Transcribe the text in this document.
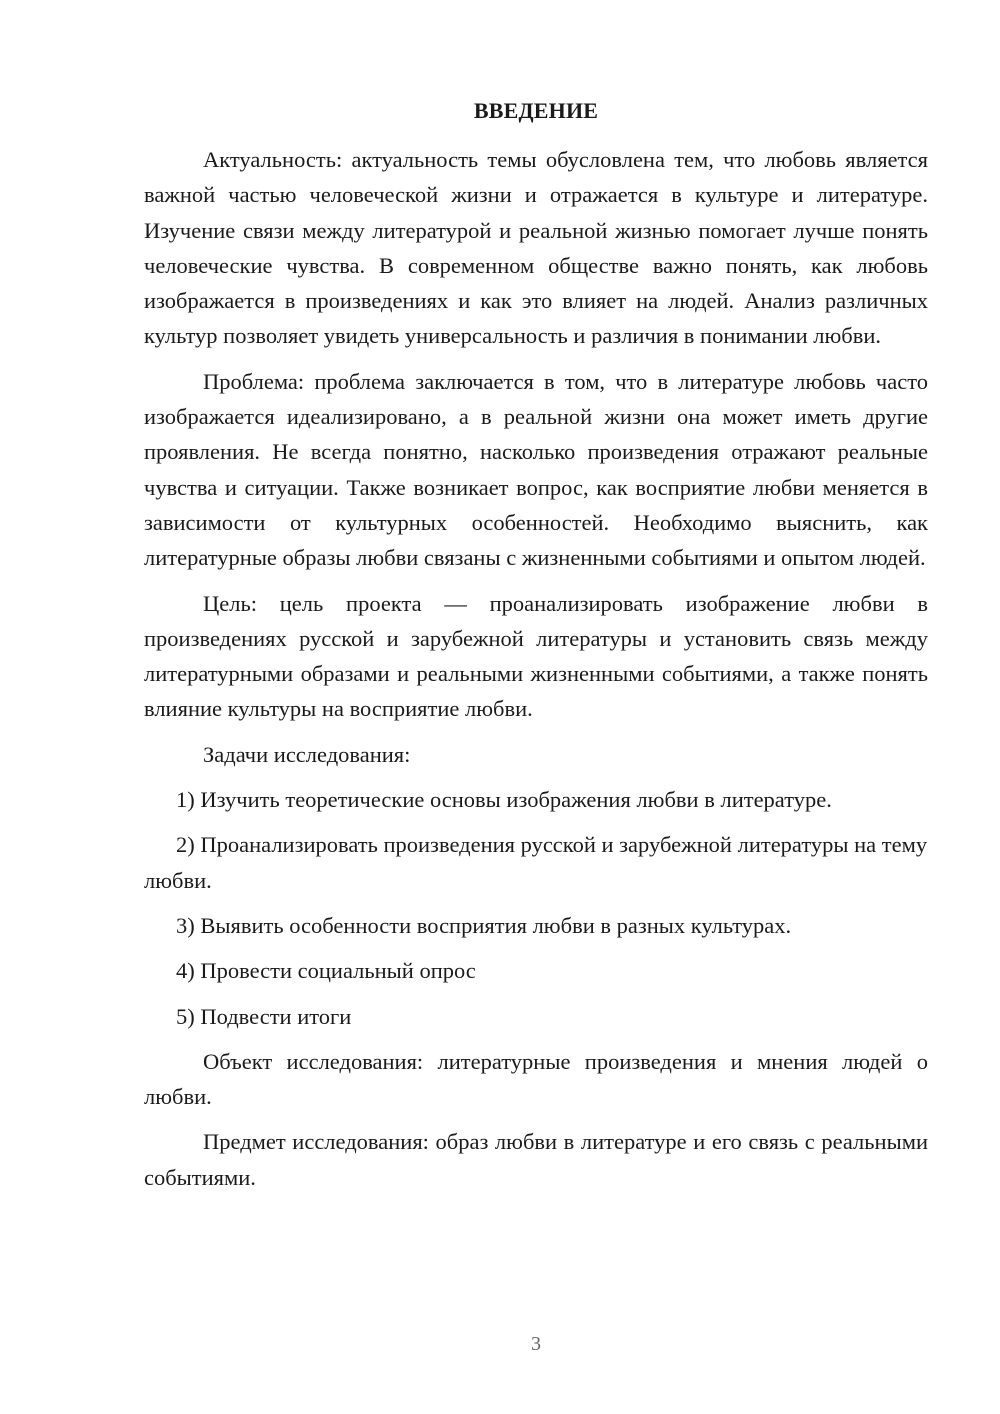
ВВЕДЕНИЕ

Актуальность: актуальность темы обусловлена тем, что любовь является важной частью человеческой жизни и отражается в культуре и литературе. Изучение связи между литературой и реальной жизнью помогает лучше понять человеческие чувства. В современном обществе важно понять, как любовь изображается в произведениях и как это влияет на людей. Анализ различных культур позволяет увидеть универсальность и различия в понимании любви.

Проблема: проблема заключается в том, что в литературе любовь часто изображается идеализировано, а в реальной жизни она может иметь другие проявления. Не всегда понятно, насколько произведения отражают реальные чувства и ситуации. Также возникает вопрос, как восприятие любви меняется в зависимости от культурных особенностей. Необходимо выяснить, как литературные образы любви связаны с жизненными событиями и опытом людей.

Цель: цель проекта — проанализировать изображение любви в произведениях русской и зарубежной литературы и установить связь между литературными образами и реальными жизненными событиями, а также понять влияние культуры на восприятие любви.

Задачи исследования:

1) Изучить теоретические основы изображения любви в литературе.

2) Проанализировать произведения русской и зарубежной литературы на тему любви.

3) Выявить особенности восприятия любви в разных культурах.

4) Провести социальный опрос

5) Подвести итоги

Объект исследования: литературные произведения и мнения людей о любви.

Предмет исследования: образ любви в литературе и его связь с реальными событиями.

3
